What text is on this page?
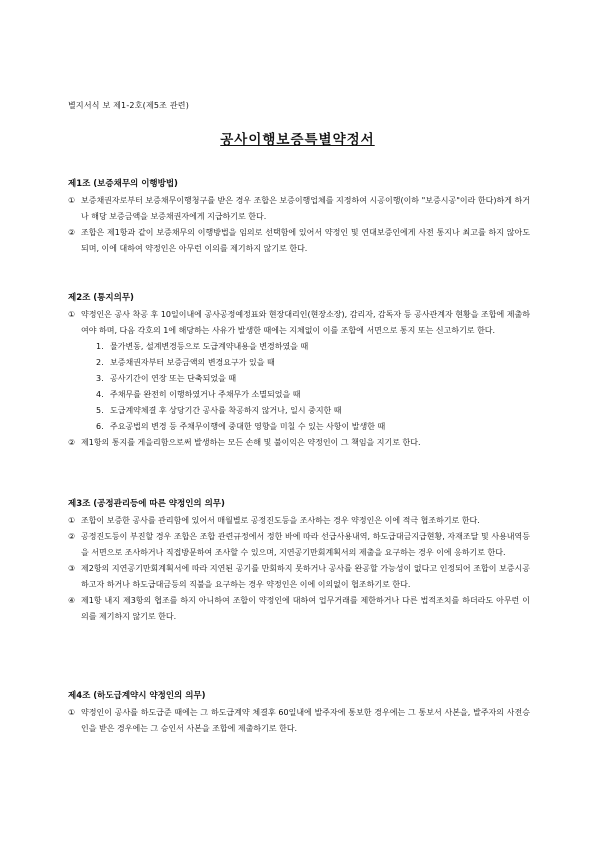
별지서식 보 제1-2호(제5조 관련)
공사이행보증특별약정서
제1조 (보증채무의 이행방법)
① 보증채권자로부터 보증채무이행청구를 받은 경우 조합은 보증이행업체를 지정하여 시공이행(이하 "보증시공"이라 한다)하게 하거나 해당 보증금액을 보증채권자에게 지급하기로 한다.
② 조합은 제1항과 같이 보증채무의 이행방법을 임의로 선택함에 있어서 약정인 및 연대보증인에게 사전 통지나 최고를 하지 않아도 되며, 이에 대하여 약정인은 아무런 이의를 제기하지 않기로 한다.
제2조 (통지의무)
① 약정인은 공사 착공 후 10일이내에 공사공정예정표와 현장대리인(현장소장), 감리자, 감독자 등 공사관계자 현황을 조합에 제출하여야 하며, 다음 각호의 1에 해당하는 사유가 발생한 때에는 지체없이 이를 조합에 서면으로 통지 또는 신고하기로 한다.
1. 물가변동, 설계변경등으로 도급계약내용을 변경하였을 때
2. 보증채권자부터 보증금액의 변경요구가 있을 때
3. 공사기간이 연장 또는 단축되었을 때
4. 주채무를 완전히 이행하였거나 주채무가 소멸되었을 때
5. 도급계약체결 후 상당기간 공사를 착공하지 않거나, 일시 중지한 때
6. 주요공법의 변경 등 주채무이행에 중대한 영향을 미칠 수 있는 사항이 발생한 때
② 제1항의 통지를 게을리함으로써 발생하는 모든 손해 및 불이익은 약정인이 그 책임을 지기로 한다.
제3조 (공정관리등에 따른 약정인의 의무)
① 조합이 보증한 공사를 관리함에 있어서 매월별로 공정진도등을 조사하는 경우 약정인은 이에 적극 협조하기로 한다.
② 공정진도등이 부진할 경우 조합은 조합 관련규정에서 정한 바에 따라 선급사용내역, 하도급대금지급현황, 자재조달 및 사용내역등을 서면으로 조사하거나 직접방문하여 조사할 수 있으며, 지연공기만회계획서의 제출을 요구하는 경우 이에 응하기로 한다.
③ 제2항의 지연공기만회계획서에 따라 지연된 공기를 만회하지 못하거나 공사를 완공할 가능성이 없다고 인정되어 조합이 보증시공하고자 하거나 하도급대금등의 직불을 요구하는 경우 약정인은 이에 이의없이 협조하기로 한다.
④ 제1항 내지 제3항의 협조를 하지 아니하여 조합이 약정인에 대하여 업무거래를 제한하거나 다른 법적조치를 하더라도 아무런 이의를 제기하지 않기로 한다.
제4조 (하도급계약시 약정인의 의무)
① 약정인이 공사를 하도급준 때에는 그 하도급계약 체결후 60일내에 발주자에 통보한 경우에는 그 통보서 사본을, 발주자의 사전승인을 받은 경우에는 그 승인서 사본을 조합에 제출하기로 한다.
